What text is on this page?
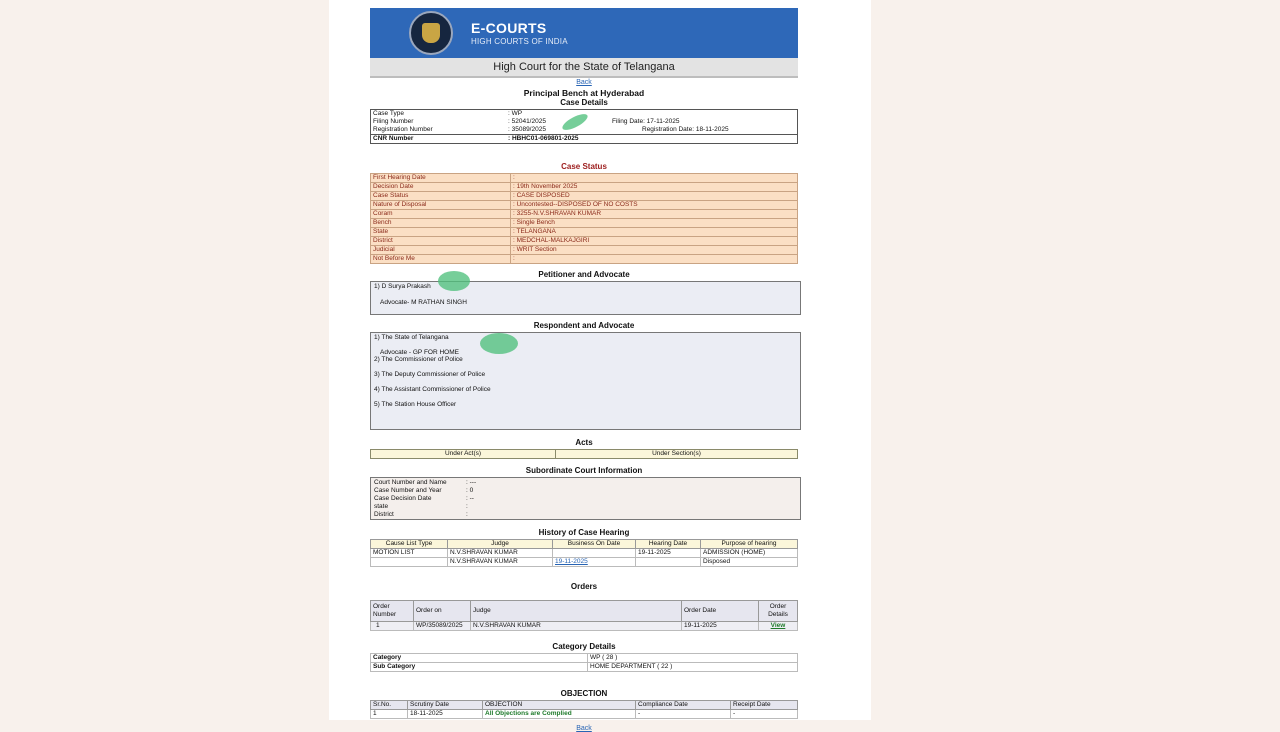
E-COURTS
HIGH COURTS OF INDIA
High Court for the State of Telangana
Back
Principal Bench at Hyderabad
Case Details
Case Type	: WP	
Filing Number	: 52041/2025	Filing Date: 17-11-2025
Registration Number	: 35089/2025	Registration Date: 18-11-2025
CNR Number	: HBHC01-069801-2025	
Case Status
First Hearing Date	:
Decision Date	: 19th November 2025
Case Status	: CASE DISPOSED
Nature of Disposal	: Uncontested--DISPOSED OF NO COSTS
Coram	: 3255-N.V.SHRAVAN KUMAR
Bench	: Single Bench
State	: TELANGANA
District	: MEDCHAL-MALKAJGIRI
Judicial	: WRIT Section
Not Before Me	:
Petitioner and Advocate
1) D Surya Prakash
Advocate- M RATHAN SINGH
Respondent and Advocate
1) The State of Telangana
Advocate - GP FOR HOME
2) The Commissioner of Police
3) The Deputy Commissioner of Police
4) The Assistant Commissioner of Police
5) The Station House Officer
Acts
Under Act(s)	Under Section(s)
Subordinate Court Information
Court Number and Name	: ---
Case Number and Year	: 0
Case Decision Date	: --
state	:
District	:
History of Case Hearing
Cause List Type	Judge	Business On Date	Hearing Date	Purpose of hearing
MOTION LIST	N.V.SHRAVAN KUMAR		19-11-2025	ADMISSION (HOME)
	N.V.SHRAVAN KUMAR	19-11-2025		Disposed
Orders
Order Number	Order on	Judge	Order Date	Order Details
1	WP/35089/2025	N.V.SHRAVAN KUMAR	19-11-2025	View
Category Details
Category	WP ( 28 )
Sub Category	HOME DEPARTMENT ( 22 )
OBJECTION
Sr.No.	Scrutiny Date	OBJECTION	Compliance Date	Receipt Date
1	18-11-2025	All Objections are Complied	-	-
Back
